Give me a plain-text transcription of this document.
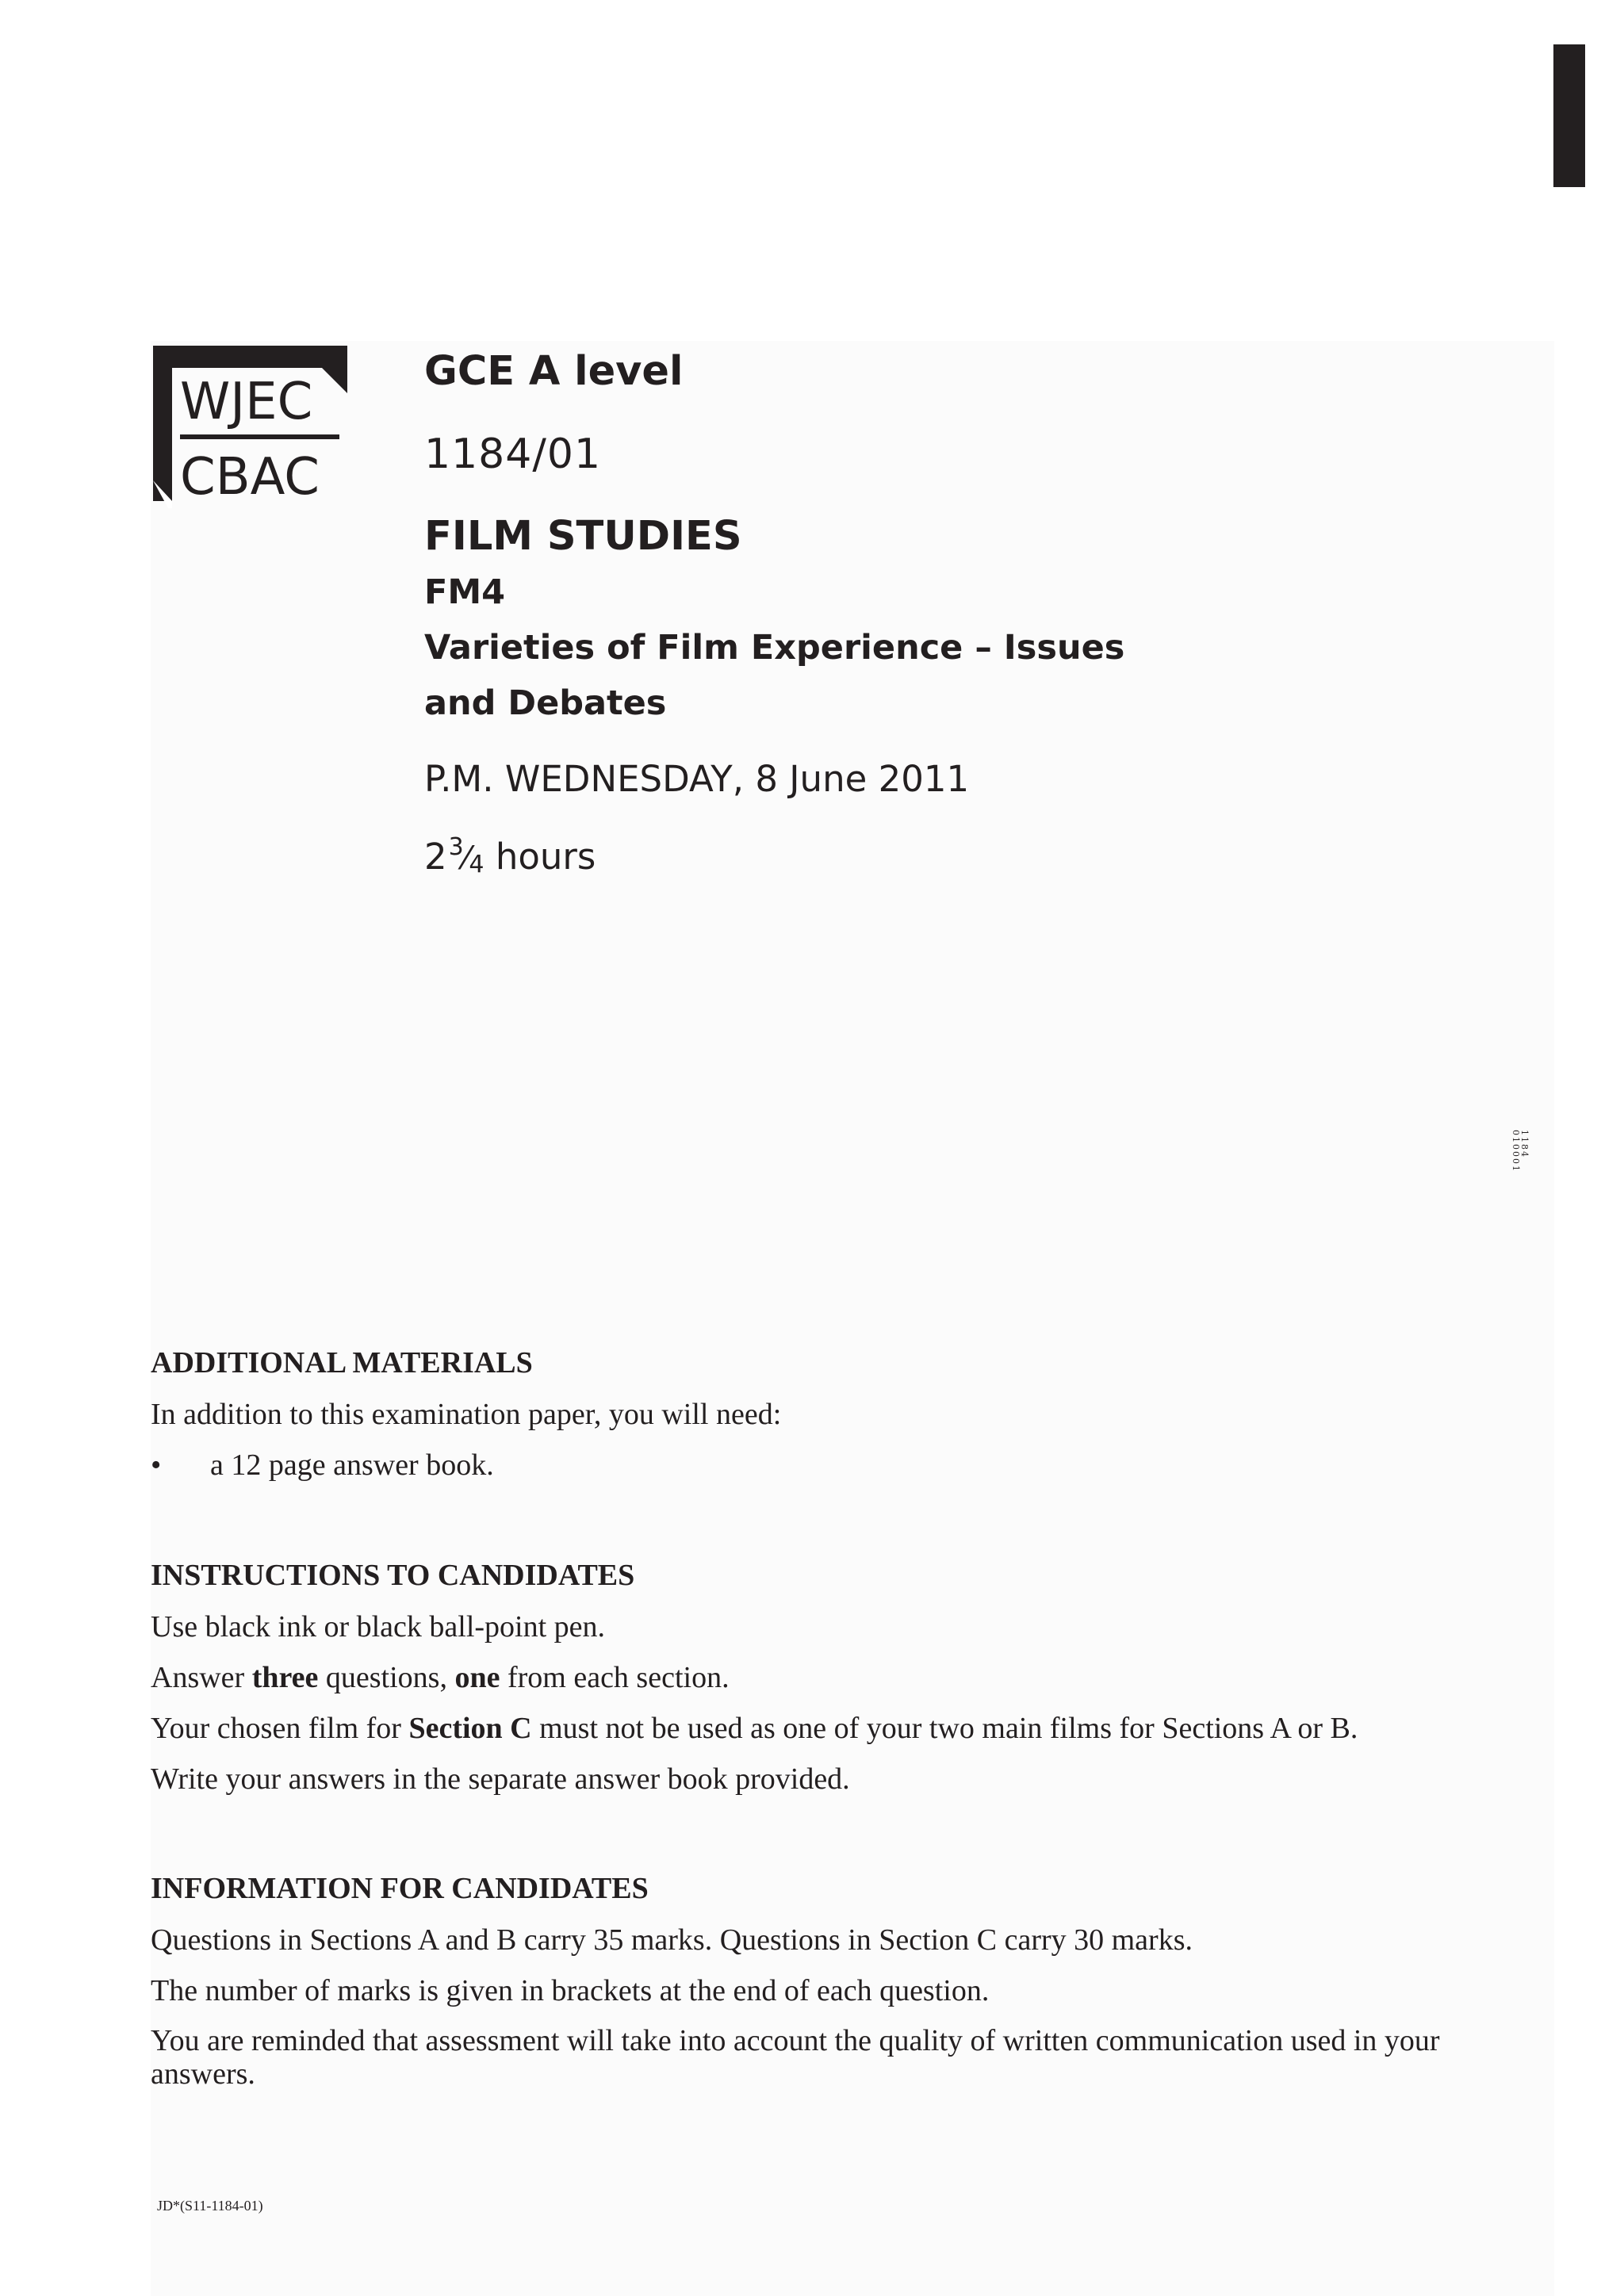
WJEC
CBAC
GCE A level
1184/01
FILM STUDIES
FM4
Varieties of Film Experience – Issues and Debates
P.M. WEDNESDAY, 8 June 2011
$2^3⁄4$ hours
1184
010001
ADDITIONAL MATERIALS
In addition to this examination paper, you will need:
•	a 12 page answer book.
INSTRUCTIONS TO CANDIDATES
Use black ink or black ball-point pen.
Answer three questions, one from each section.
Your chosen film for Section C must not be used as one of your two main films for Sections A or B.
Write your answers in the separate answer book provided.
INFORMATION FOR CANDIDATES
Questions in Sections A and B carry 35 marks. Questions in Section C carry 30 marks.
The number of marks is given in brackets at the end of each question.
You are reminded that assessment will take into account the quality of written communication used in your answers.
JD*(S11-1184-01)
